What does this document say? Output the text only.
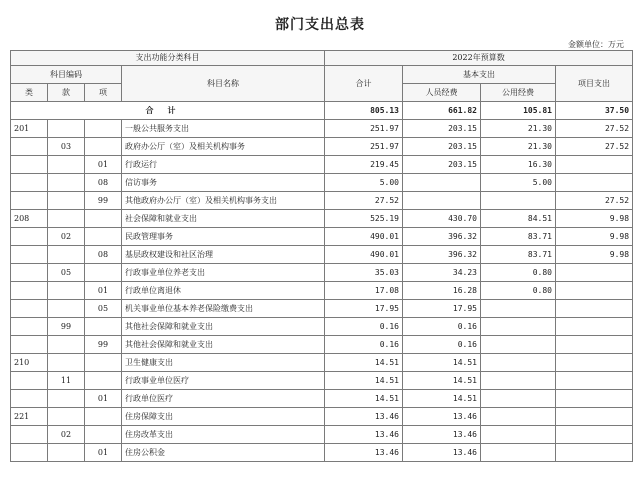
部门支出总表
金额单位：万元
支出功能分类科目				2022年预算数			
科目编码			科目名称	合计	基本支出		项目支出
类	款	项			人员经费	公用经费	
合计				805.13	661.82	105.81	37.50
201			一般公共服务支出	251.97	203.15	21.30	27.52
	03		政府办公厅（室）及相关机构事务	251.97	203.15	21.30	27.52
		01	行政运行	219.45	203.15	16.30	
		08	信访事务	5.00		5.00	
		99	其他政府办公厅（室）及相关机构事务支出	27.52			27.52
208			社会保障和就业支出	525.19	430.70	84.51	9.98
	02		民政管理事务	490.01	396.32	83.71	9.98
		08	基层政权建设和社区治理	490.01	396.32	83.71	9.98
	05		行政事业单位养老支出	35.03	34.23	0.80	
		01	行政单位离退休	17.08	16.28	0.80	
		05	机关事业单位基本养老保险缴费支出	17.95	17.95		
	99		其他社会保障和就业支出	0.16	0.16		
		99	其他社会保障和就业支出	0.16	0.16		
210			卫生健康支出	14.51	14.51		
	11		行政事业单位医疗	14.51	14.51		
		01	行政单位医疗	14.51	14.51		
221			住房保障支出	13.46	13.46		
	02		住房改革支出	13.46	13.46		
		01	住房公积金	13.46	13.46		
